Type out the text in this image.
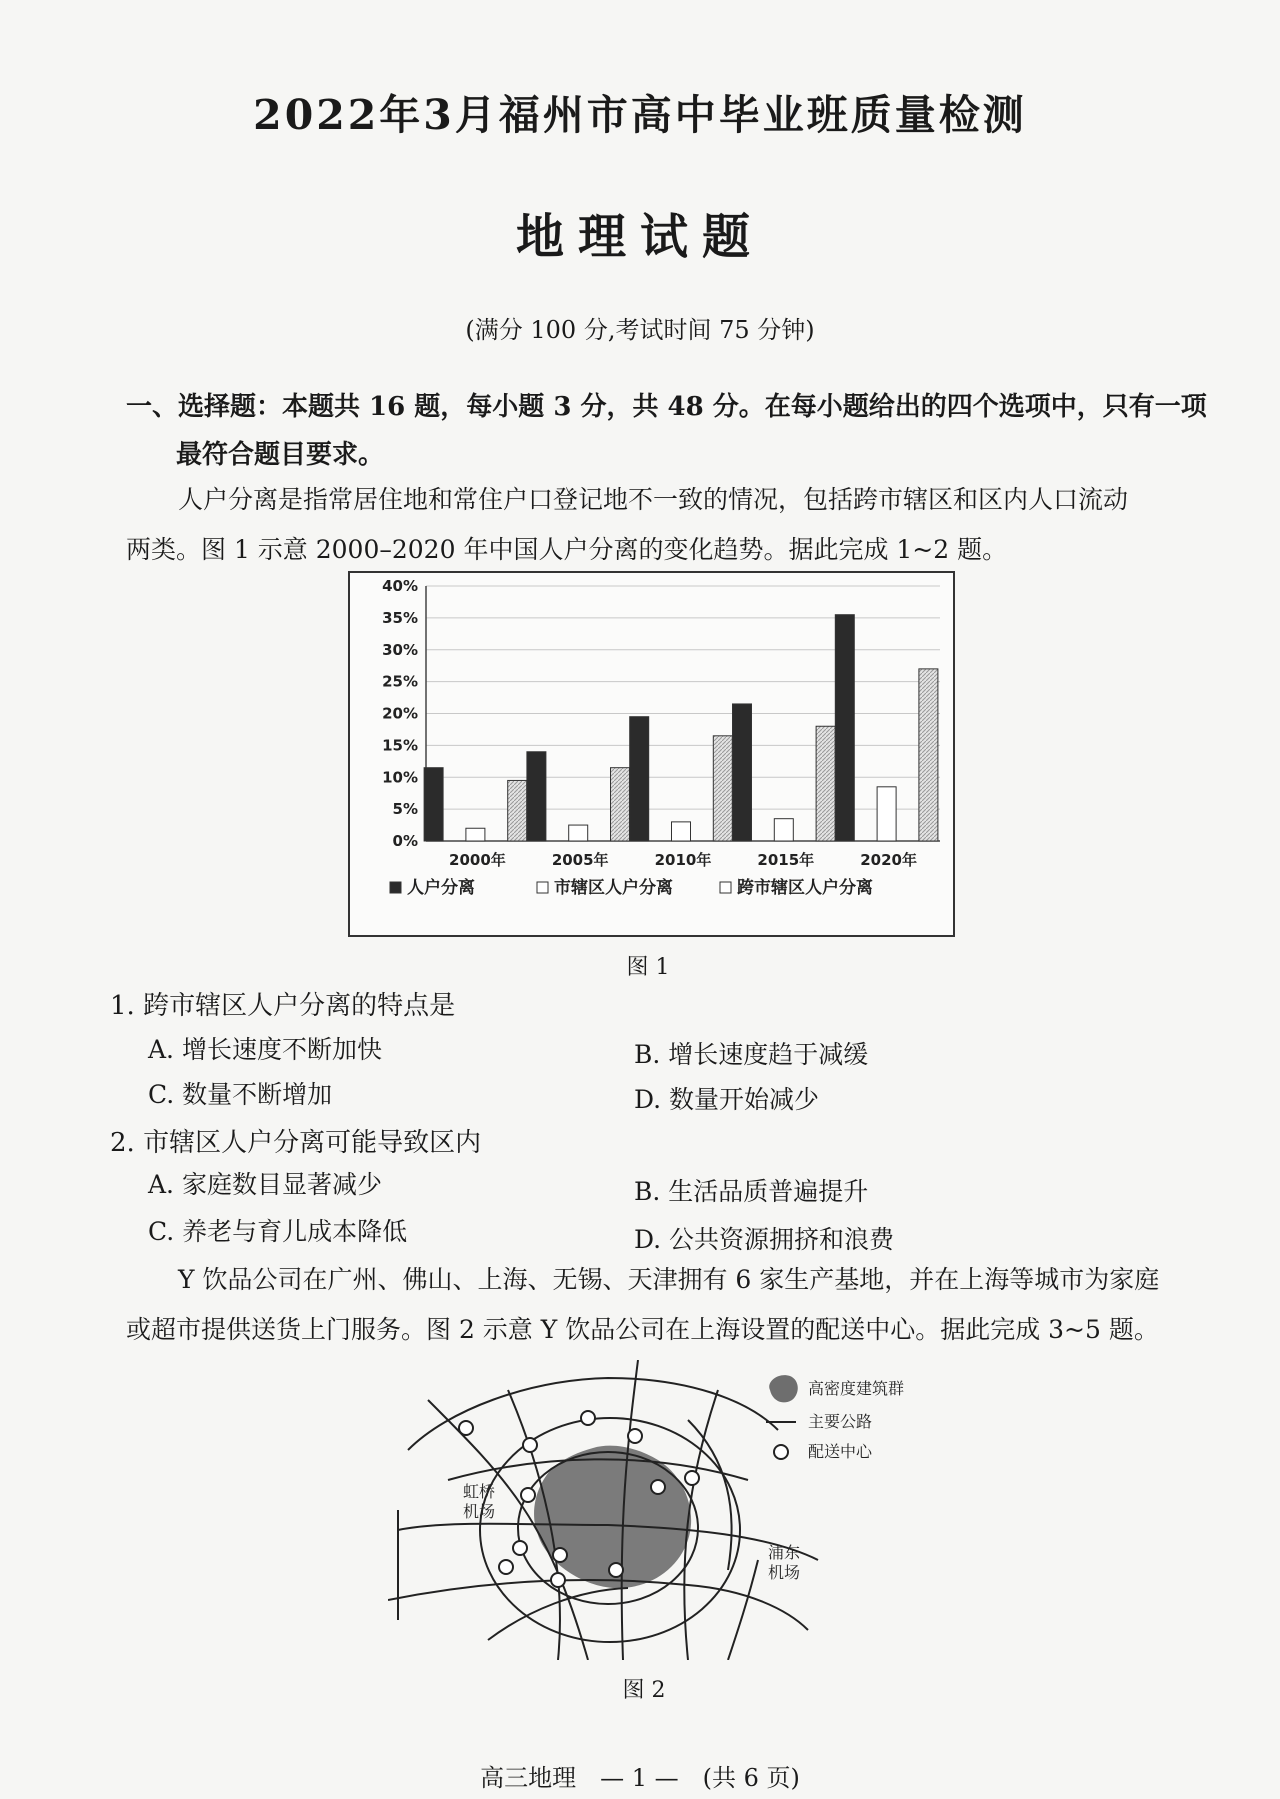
2022年3月福州市高中毕业班质量检测
地理试题
(满分 100 分,考试时间 75 分钟)
一、选择题：本题共 16 题，每小题 3 分，共 48 分。在每小题给出的四个选项中，只有一项
最符合题目要求。
人户分离是指常居住地和常住户口登记地不一致的情况，包括跨市辖区和区内人口流动
两类。图 1 示意 2000–2020 年中国人户分离的变化趋势。据此完成 1~2 题。
40%
35%
30%
25%
20%
15%
10%
5%
0%
2000年	2005年	2010年	2015年	2020年
人户分离	市辖区人户分离	跨市辖区人户分离
图 1
1. 跨市辖区人户分离的特点是
A. 增长速度不断加快	B. 增长速度趋于减缓
C. 数量不断增加	D. 数量开始减少
2. 市辖区人户分离可能导致区内
A. 家庭数目显著减少	B. 生活品质普遍提升
C. 养老与育儿成本降低	D. 公共资源拥挤和浪费
Y 饮品公司在广州、佛山、上海、无锡、天津拥有 6 家生产基地，并在上海等城市为家庭
或超市提供送货上门服务。图 2 示意 Y 饮品公司在上海设置的配送中心。据此完成 3~5 题。
虹桥
机场
浦东
机场
高密度建筑群
主要公路
配送中心
图 2
高三地理　— 1 —　(共 6 页)
